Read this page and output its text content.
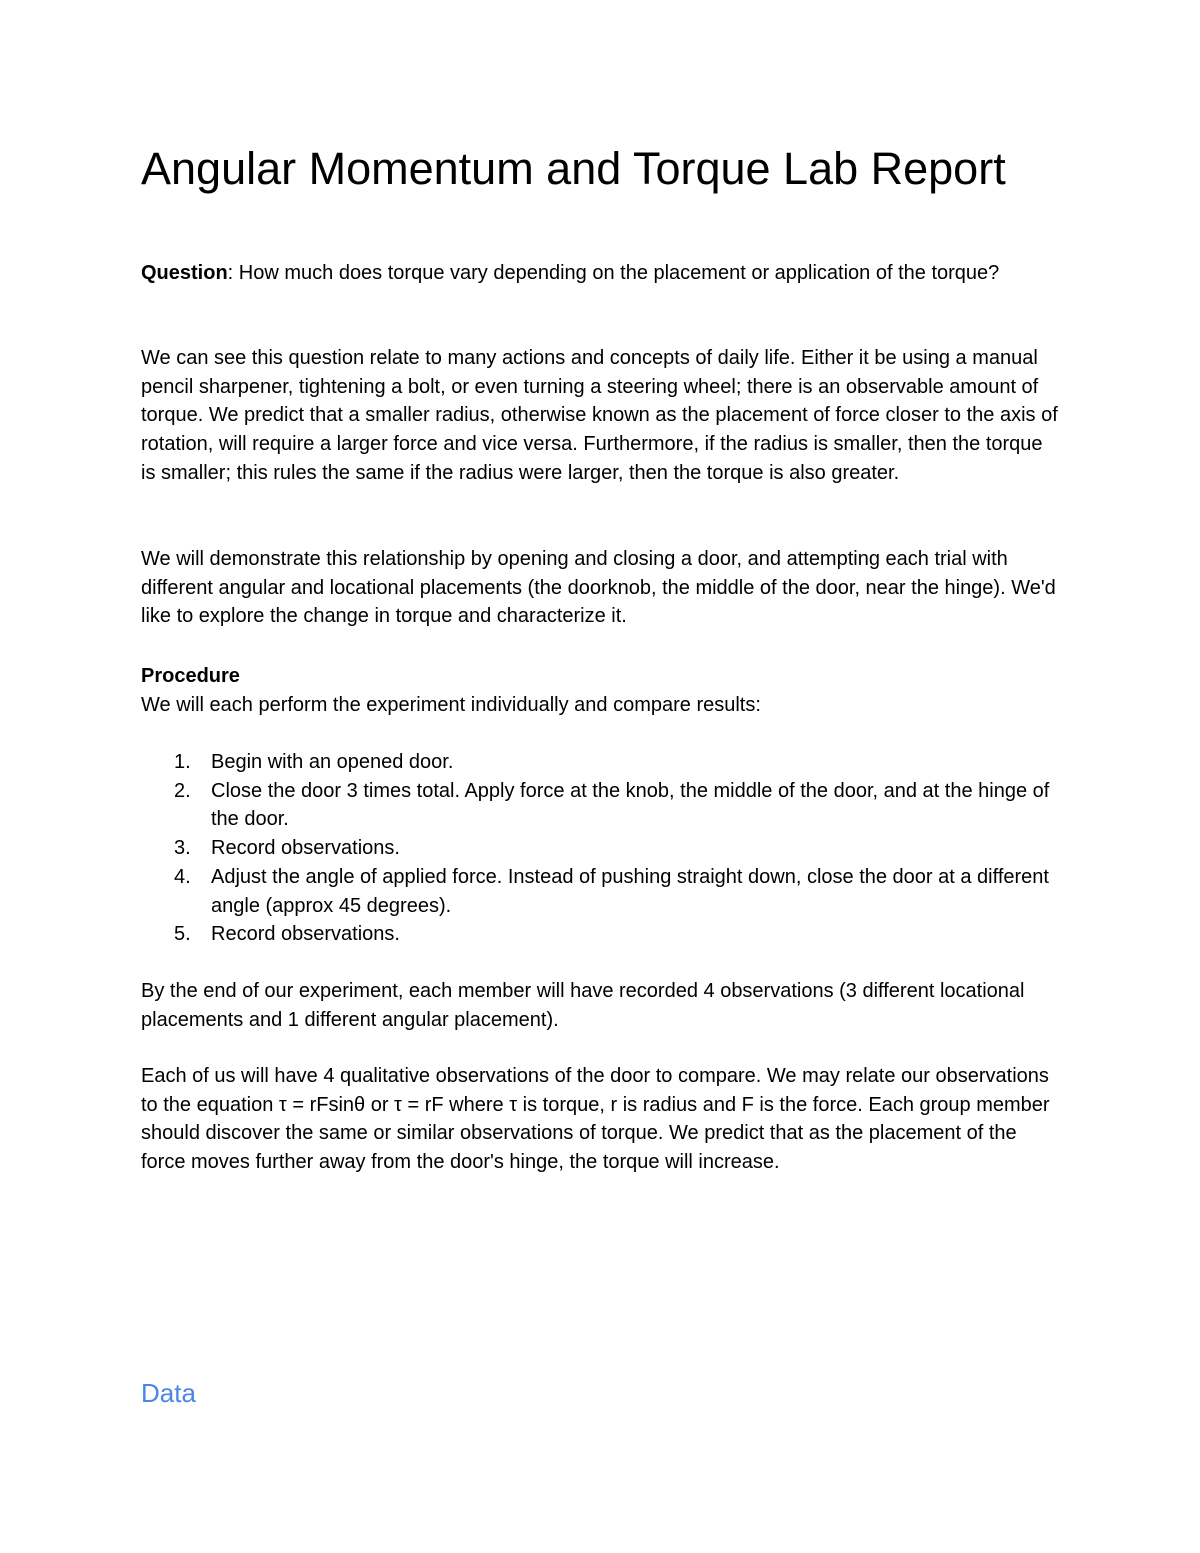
Angular Momentum and Torque Lab Report

Question: How much does torque vary depending on the placement or application of the torque?

We can see this question relate to many actions and concepts of daily life. Either it be using a manual pencil sharpener, tightening a bolt, or even turning a steering wheel; there is an observable amount of torque. We predict that a smaller radius, otherwise known as the placement of force closer to the axis of rotation, will require a larger force and vice versa. Furthermore, if the radius is smaller, then the torque is smaller; this rules the same if the radius were larger, then the torque is also greater.

We will demonstrate this relationship by opening and closing a door, and attempting each trial with different angular and locational placements (the doorknob, the middle of the door, near the hinge). We'd like to explore the change in torque and characterize it.

Procedure

We will each perform the experiment individually and compare results:

1. Begin with an opened door.
2. Close the door 3 times total. Apply force at the knob, the middle of the door, and at the hinge of the door.
3. Record observations.
4. Adjust the angle of applied force. Instead of pushing straight down, close the door at a different angle (approx 45 degrees).
5. Record observations.

By the end of our experiment, each member will have recorded 4 observations (3 different locational placements and 1 different angular placement).

Each of us will have 4 qualitative observations of the door to compare. We may relate our observations to the equation τ = rFsinθ or τ = rF where τ is torque, r is radius and F is the force. Each group member should discover the same or similar observations of torque. We predict that as the placement of the force moves further away from the door's hinge, the torque will increase.

Data
